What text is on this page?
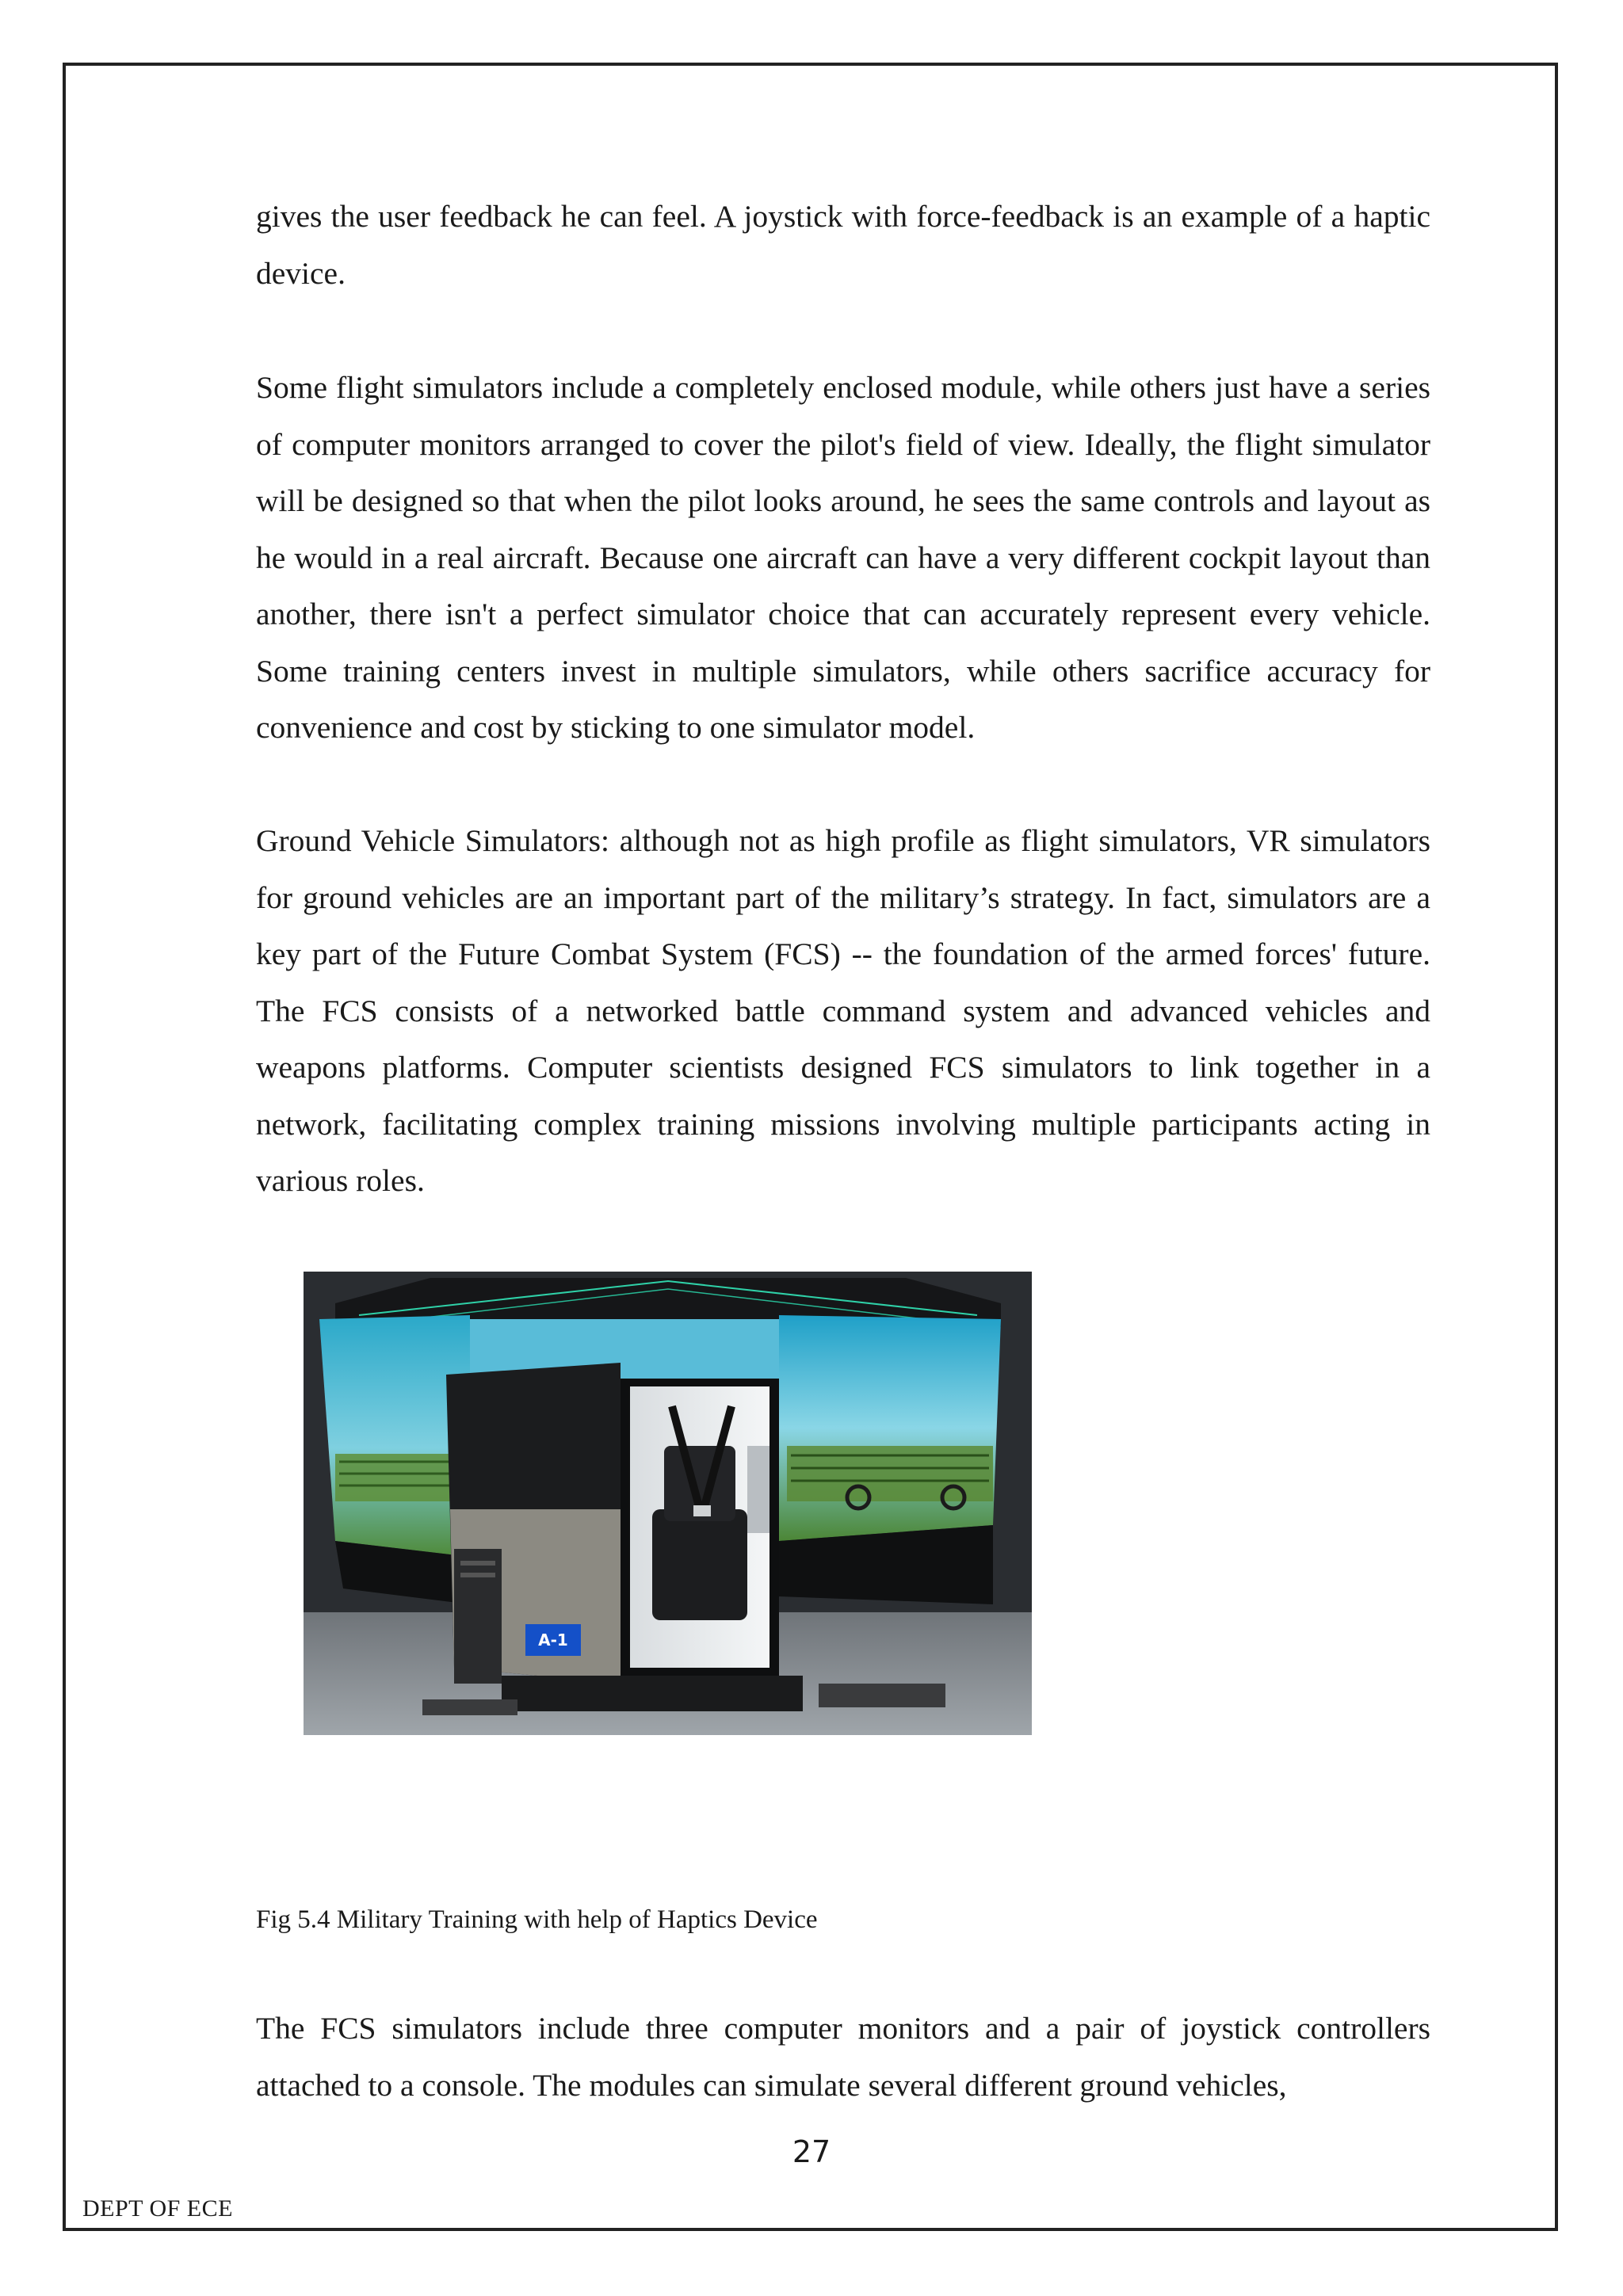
gives the user feedback he can feel. A joystick with force-feedback is an example of a haptic device.

Some flight simulators include a completely enclosed module, while others just have a series of computer monitors arranged to cover the pilot's field of view. Ideally, the flight simulator will be designed so that when the pilot looks around, he sees the same controls and layout as he would in a real aircraft. Because one aircraft can have a very different cockpit layout than another, there isn't a perfect simulator choice that can accurately represent every vehicle. Some training centers invest in multiple simulators, while others sacrifice accuracy for convenience and cost by sticking to one simulator model.

Ground Vehicle Simulators: although not as high profile as flight simulators, VR simulators for ground vehicles are an important part of the military’s strategy. In fact, simulators are a key part of the Future Combat System (FCS) -- the foundation of the armed forces' future. The FCS consists of a networked battle command system and advanced vehicles and weapons platforms. Computer scientists designed FCS simulators to link together in a network, facilitating complex training missions involving multiple participants acting in various roles.

A-1

Fig 5.4 Military Training with help of Haptics Device

The FCS simulators include three computer monitors and a pair of joystick controllers attached to a console. The modules can simulate several different ground vehicles,

27
DEPT OF ECE
